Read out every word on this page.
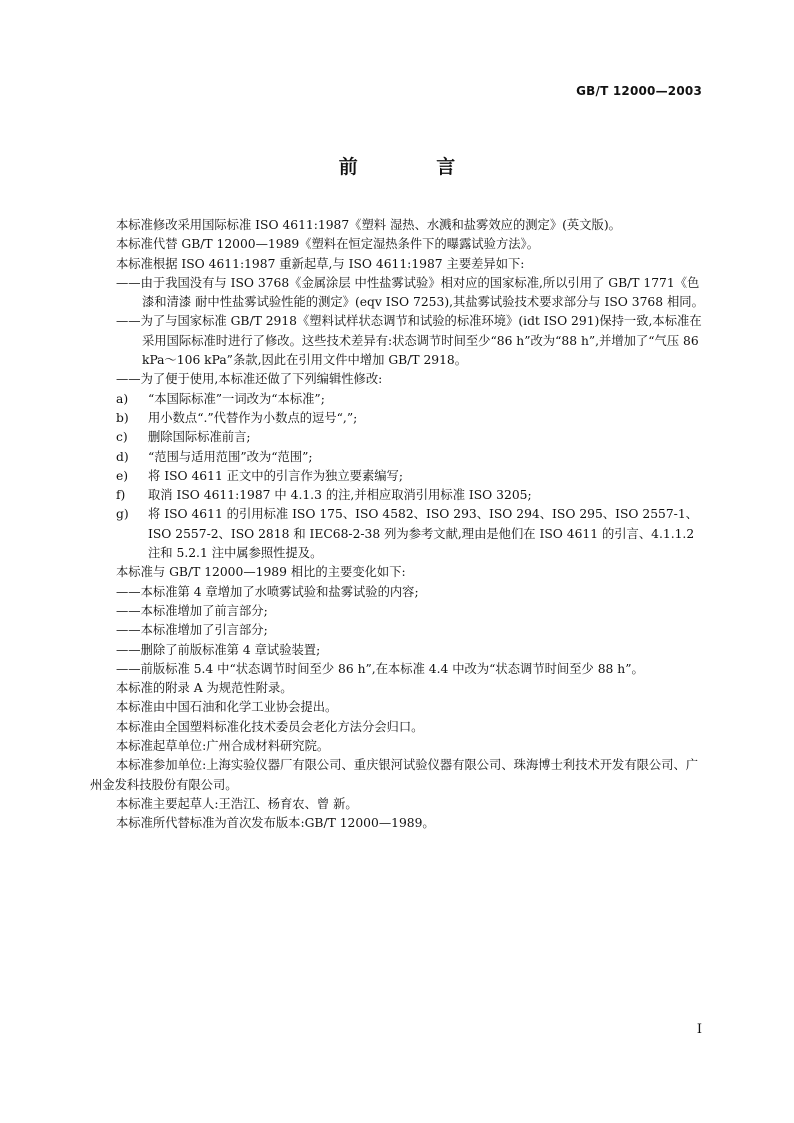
GB/T 12000—2003
前 言
本标准修改采用国际标准 ISO 4611:1987《塑料 湿热、水溅和盐雾效应的测定》(英文版)。
本标准代替 GB/T 12000—1989《塑料在恒定湿热条件下的曝露试验方法》。
本标准根据 ISO 4611:1987 重新起草,与 ISO 4611:1987 主要差异如下:
——由于我国没有与 ISO 3768《金属涂层 中性盐雾试验》相对应的国家标准,所以引用了 GB/T 1771《色漆和清漆 耐中性盐雾试验性能的测定》(eqv ISO 7253),其盐雾试验技术要求部分与 ISO 3768 相同。
——为了与国家标准 GB/T 2918《塑料试样状态调节和试验的标准环境》(idt ISO 291)保持一致,本标准在采用国际标准时进行了修改。这些技术差异有:状态调节时间至少“86 h”改为“88 h”,并增加了“气压 86 kPa～106 kPa”条款,因此在引用文件中增加 GB/T 2918。
——为了便于使用,本标准还做了下列编辑性修改:
a)	“本国际标准”一词改为“本标准”;
b)	用小数点“.”代替作为小数点的逗号“,”;
c)	删除国际标准前言;
d)	“范围与适用范围”改为“范围”;
e)	将 ISO 4611 正文中的引言作为独立要素编写;
f)	取消 ISO 4611:1987 中 4.1.3 的注,并相应取消引用标准 ISO 3205;
g)	将 ISO 4611 的引用标准 ISO 175、ISO 4582、ISO 293、ISO 294、ISO 295、ISO 2557-1、ISO 2557-2、ISO 2818 和 IEC68-2-38 列为参考文献,理由是他们在 ISO 4611 的引言、4.1.1.2 注和 5.2.1 注中属参照性提及。
本标准与 GB/T 12000—1989 相比的主要变化如下:
——本标准第 4 章增加了水喷雾试验和盐雾试验的内容;
——本标准增加了前言部分;
——本标准增加了引言部分;
——删除了前版标准第 4 章试验装置;
——前版标准 5.4 中“状态调节时间至少 86 h”,在本标准 4.4 中改为“状态调节时间至少 88 h”。
本标准的附录 A 为规范性附录。
本标准由中国石油和化学工业协会提出。
本标准由全国塑料标准化技术委员会老化方法分会归口。
本标准起草单位:广州合成材料研究院。
本标准参加单位:上海实验仪器厂有限公司、重庆银河试验仪器有限公司、珠海博士利技术开发有限公司、广州金发科技股份有限公司。
本标准主要起草人:王浩江、杨育农、曾 新。
本标准所代替标准为首次发布版本:GB/T 12000—1989。
I
